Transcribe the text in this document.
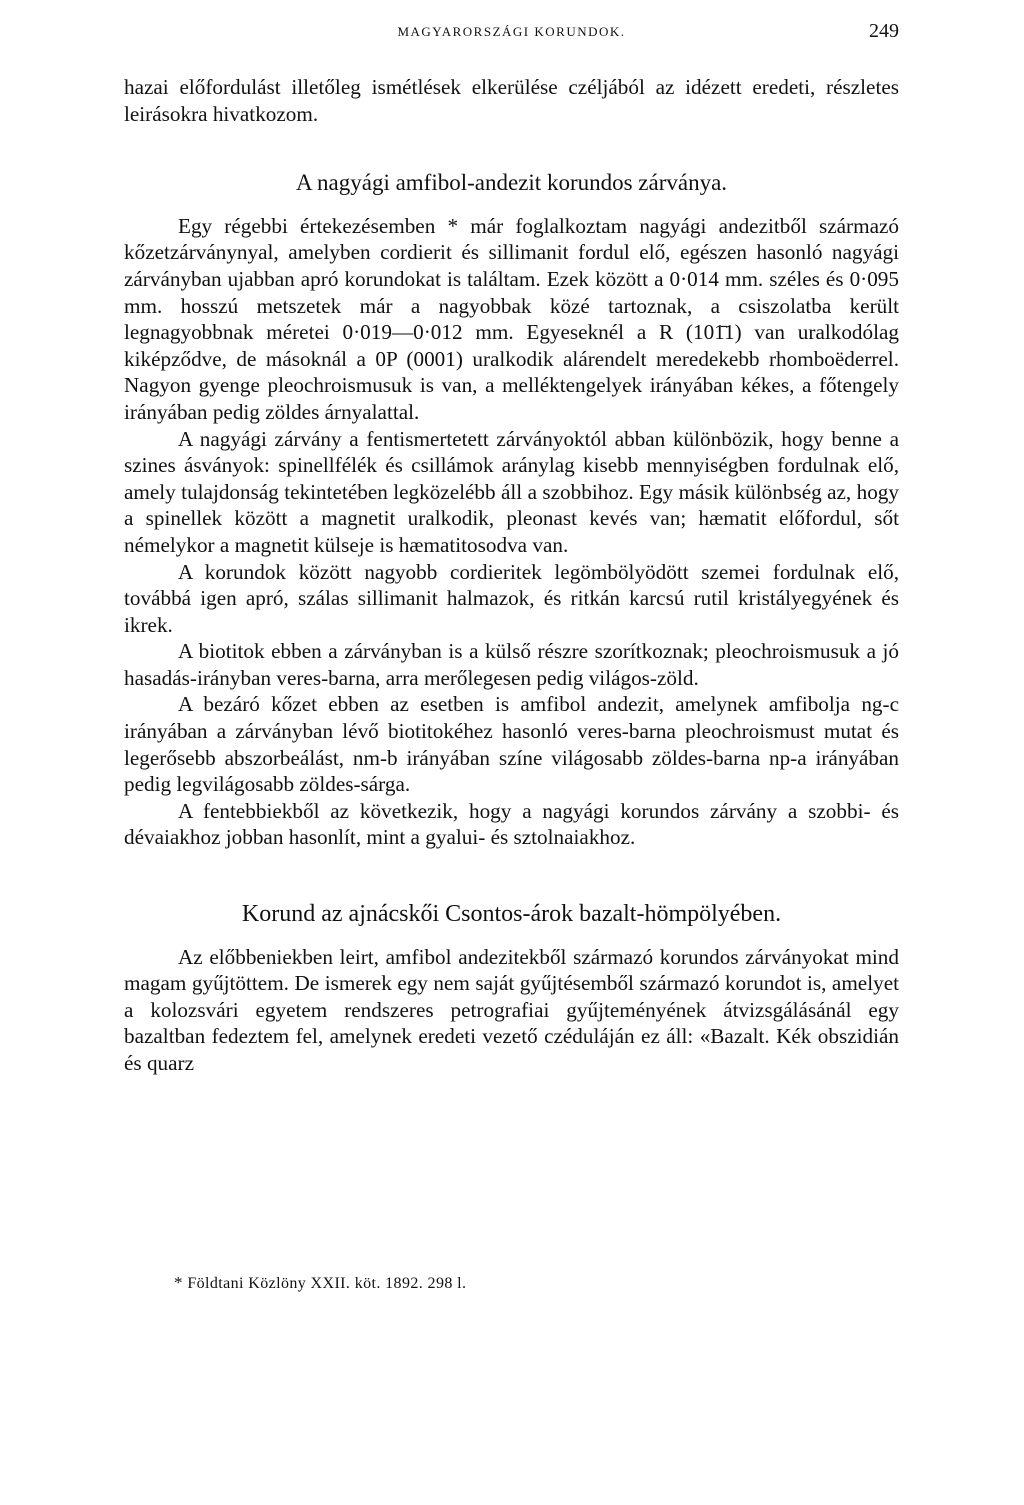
MAGYARORSZÁGI KORUNDOK.	249

hazai előfordulást illetőleg ismétlések elkerülése czéljából az idézett eredeti, részletes leirásokra hivatkozom.

A nagyági amfibol-andezit korundos zárványa.

Egy régebbi értekezésemben * már foglalkoztam nagyági andezitből származó kőzetzárványnyal, amelyben cordierit és sillimanit fordul elő, egészen hasonló nagyági zárványban ujabban apró korundokat is találtam. Ezek között a 0·014 mm. széles és 0·095 mm. hosszú metszetek már a nagyobbak közé tartoznak, a csiszolatba került legnagyobbnak méretei 0·019—0·012 mm. Egyeseknél a R (101̄1) van uralkodólag kiképződve, de másoknál a 0P (0001) uralkodik alárendelt meredekebb rhomboëderrel. Nagyon gyenge pleochroismusuk is van, a melléktengelyek irányában kékes, a főtengely irányában pedig zöldes árnyalattal.

A nagyági zárvány a fentismertetett zárványoktól abban különbözik, hogy benne a szines ásványok: spinellfélék és csillámok aránylag kisebb mennyiségben fordulnak elő, amely tulajdonság tekintetében legközelébb áll a szobbihoz. Egy másik különbség az, hogy a spinellek között a magnetit uralkodik, pleonast kevés van; hæmatit előfordul, sőt némelykor a magnetit külseje is hæmatitosodva van.

A korundok között nagyobb cordieritek legömbölyödött szemei fordulnak elő, továbbá igen apró, szálas sillimanit halmazok, és ritkán karcsú rutil kristályegyének és ikrek.

A biotitok ebben a zárványban is a külső részre szorítkoznak; pleochroismusuk a jó hasadás-irányban veres-barna, arra merőlegesen pedig világos-zöld.

A bezáró kőzet ebben az esetben is amfibol andezit, amelynek amfibolja ng-c irányában a zárványban lévő biotitokéhez hasonló veres-barna pleochroismust mutat és legerősebb abszorbeálást, nm-b irányában színe világosabb zöldes-barna np-a irányában pedig legvilágosabb zöldes-sárga.

A fentebbiekből az következik, hogy a nagyági korundos zárvány a szobbi- és dévaiakhoz jobban hasonlít, mint a gyalui- és sztolnaiakhoz.

Korund az ajnácskői Csontos-árok bazalt-hömpölyében.

Az előbbeniekben leirt, amfibol andezitekből származó korundos zárványokat mind magam gyűjtöttem. De ismerek egy nem saját gyűjtésemből származó korundot is, amelyet a kolozsvári egyetem rendszeres petrografiai gyűjteményének átvizsgálásánál egy bazaltban fedeztem fel, amelynek eredeti vezető czéduláján ez áll: «Bazalt. Kék obszidián és quarz

* Földtani Közlöny XXII. köt. 1892. 298 l.
